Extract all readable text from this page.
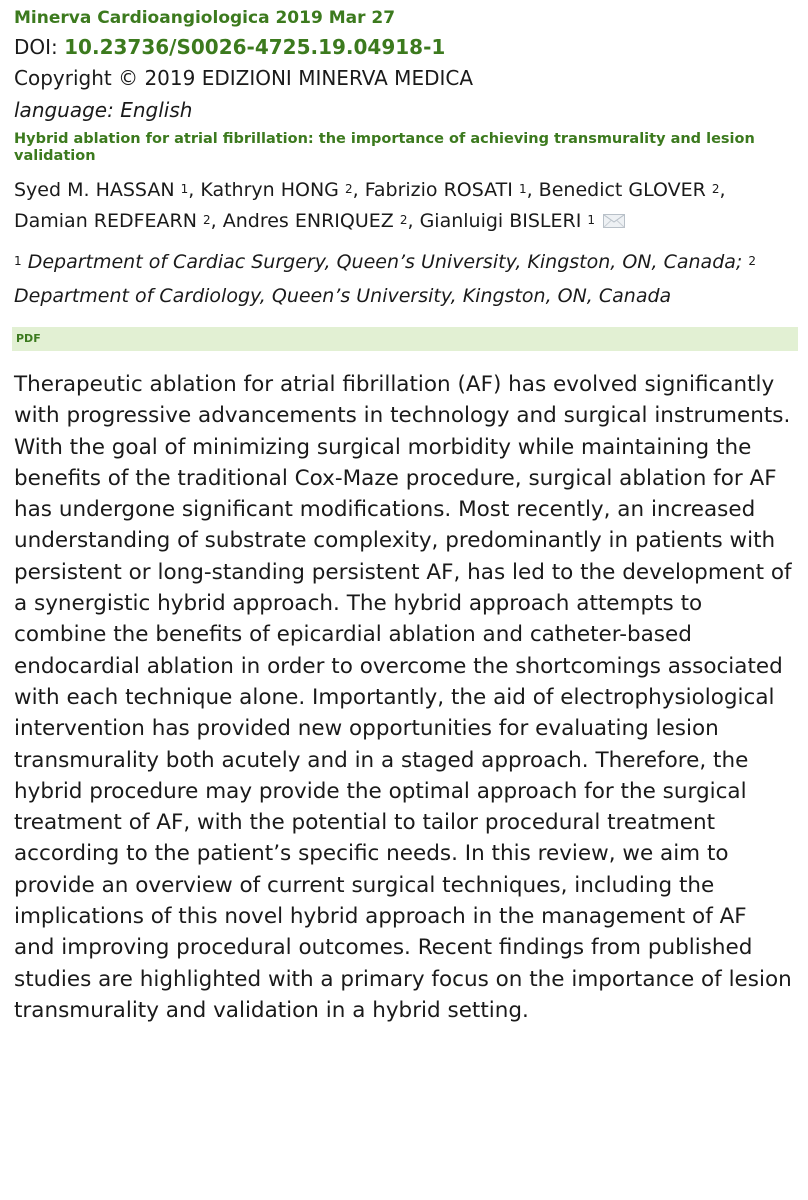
Minerva Cardioangiologica 2019 Mar 27
DOI: 10.23736/S0026-4725.19.04918-1
Copyright © 2019 EDIZIONI MINERVA MEDICA
language: English
Hybrid ablation for atrial fibrillation: the importance of achieving transmurality and lesion validation
Syed M. HASSAN $^1$, Kathryn HONG $^2$, Fabrizio ROSATI $^1$, Benedict GLOVER $^2$, Damian REDFEARN $^2$, Andres ENRIQUEZ $^2$, Gianluigi BISLERI $^1$
$^1$ Department of Cardiac Surgery, Queen’s University, Kingston, ON, Canada; $^2$ Department of Cardiology, Queen’s University, Kingston, ON, Canada
PDF
Therapeutic ablation for atrial fibrillation (AF) has evolved significantly with progressive advancements in technology and surgical instruments. With the goal of minimizing surgical morbidity while maintaining the benefits of the traditional Cox-Maze procedure, surgical ablation for AF has undergone significant modifications. Most recently, an increased understanding of substrate complexity, predominantly in patients with persistent or long-standing persistent AF, has led to the development of a synergistic hybrid approach. The hybrid approach attempts to combine the benefits of epicardial ablation and catheter-based endocardial ablation in order to overcome the shortcomings associated with each technique alone. Importantly, the aid of electrophysiological intervention has provided new opportunities for evaluating lesion transmurality both acutely and in a staged approach. Therefore, the hybrid procedure may provide the optimal approach for the surgical treatment of AF, with the potential to tailor procedural treatment according to the patient’s specific needs. In this review, we aim to provide an overview of current surgical techniques, including the implications of this novel hybrid approach in the management of AF and improving procedural outcomes. Recent findings from published studies are highlighted with a primary focus on the importance of lesion transmurality and validation in a hybrid setting.
